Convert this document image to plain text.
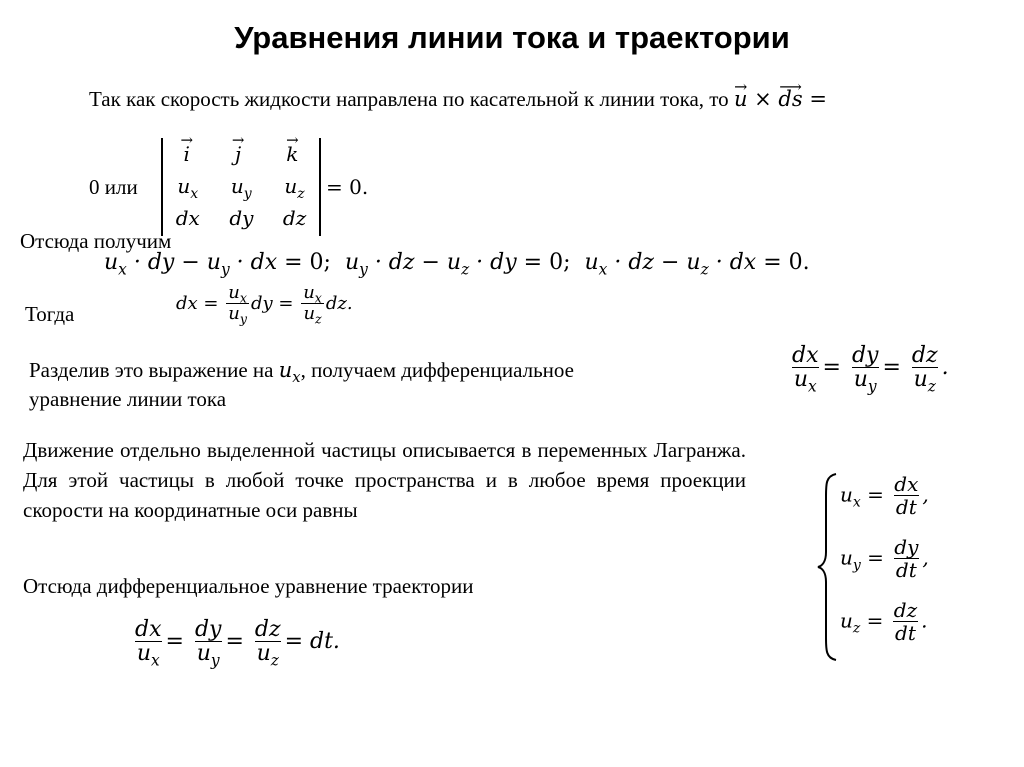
Уравнения линии тока и траектории
Так как скорость жидкости направлена по касательной к линии тока, то → u × ⟶ ds =
0 или
→ i → j → k
$u_x$ $u_y$ $u_z$
dx dy dz
= 0.
Отсюда получим
$u_x$ · dy − $u_y$ · dx = 0;  $u_y$ · dz − $u_z$ · dy = 0;  $u_x$ · dz − $u_z$ · dx = 0.
Тогда	dx = $\frac{u_x}{u_y}$ dy = $\frac{u_x}{u_z}$ dz.
Разделив это выражение на $u_x$, получаем дифференциальное
уравнение линии тока
$\frac{dx}{u_x} = \frac{dy}{u_y} = \frac{dz}{u_z}$ .
Движение отдельно выделенной частицы описывается в переменных Лагранжа. Для этой частицы в любой точке пространства и в любое время проекции скорости на координатные оси равны
$u_x = \frac{dx}{dt}$ ,
$u_y = \frac{dy}{dt}$ ,
$u_z = \frac{dz}{dt}$ .
Отсюда дифференциальное уравнение траектории
$\frac{dx}{u_x} = \frac{dy}{u_y} = \frac{dz}{u_z}$ = dt.
